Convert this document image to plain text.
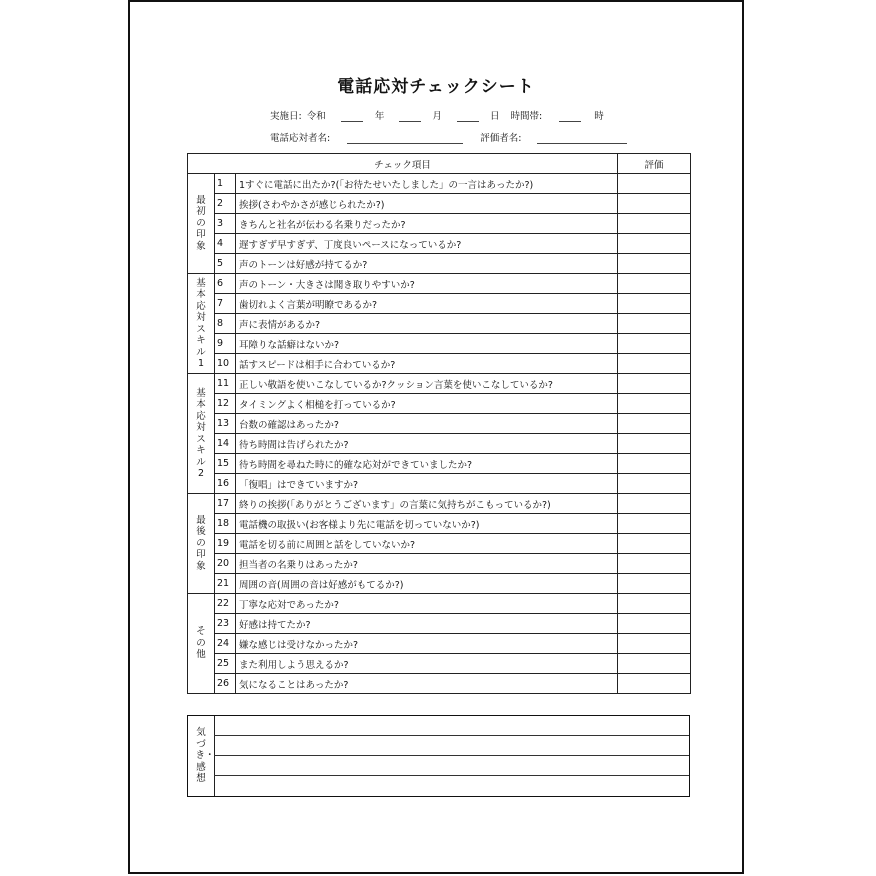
電話応対チェックシート
実施日: 令和	年	月	日 時間帯:	時
電話応対者名:	評価者名:
チェック項目			評価
最初の印象	1	1すぐに電話に出たか?(「お待たせいたしました」の一言はあったか?)	
	2	挨拶(さわやかさが感じられたか?)	
	3	きちんと社名が伝わる名乗りだったか?	
	4	遅すぎず早すぎず、丁度良いペースになっているか?	
	5	声のトーンは好感が持てるか?	
基本応対スキル1	6	声のトーン・大きさは聞き取りやすいか?	
	7	歯切れよく言葉が明瞭であるか?	
	8	声に表情があるか?	
	9	耳障りな話癖はないか?	
	10	話すスピードは相手に合わているか?	
基本応対スキル2	11	正しい敬語を使いこなしているか?クッション言葉を使いこなしているか?	
	12	タイミングよく相槌を打っているか?	
	13	台数の確認はあったか?	
	14	待ち時間は告げられたか?	
	15	待ち時間を尋ねた時に的確な応対ができていましたか?	
	16	「復唱」はできていますか?	
最後の印象	17	終りの挨拶(「ありがとうございます」の言葉に気持ちがこもっているか?)	
	18	電話機の取扱い(お客様より先に電話を切っていないか?)	
	19	電話を切る前に周囲と話をしていないか?	
	20	担当者の名乗りはあったか?	
	21	周囲の音(周囲の音は好感がもてるか?)	
その他	22	丁寧な応対であったか?	
	23	好感は持てたか?	
	24	嫌な感じは受けなかったか?	
	25	また利用しよう思えるか?	
	26	気になることはあったか?	
気づき・感想
